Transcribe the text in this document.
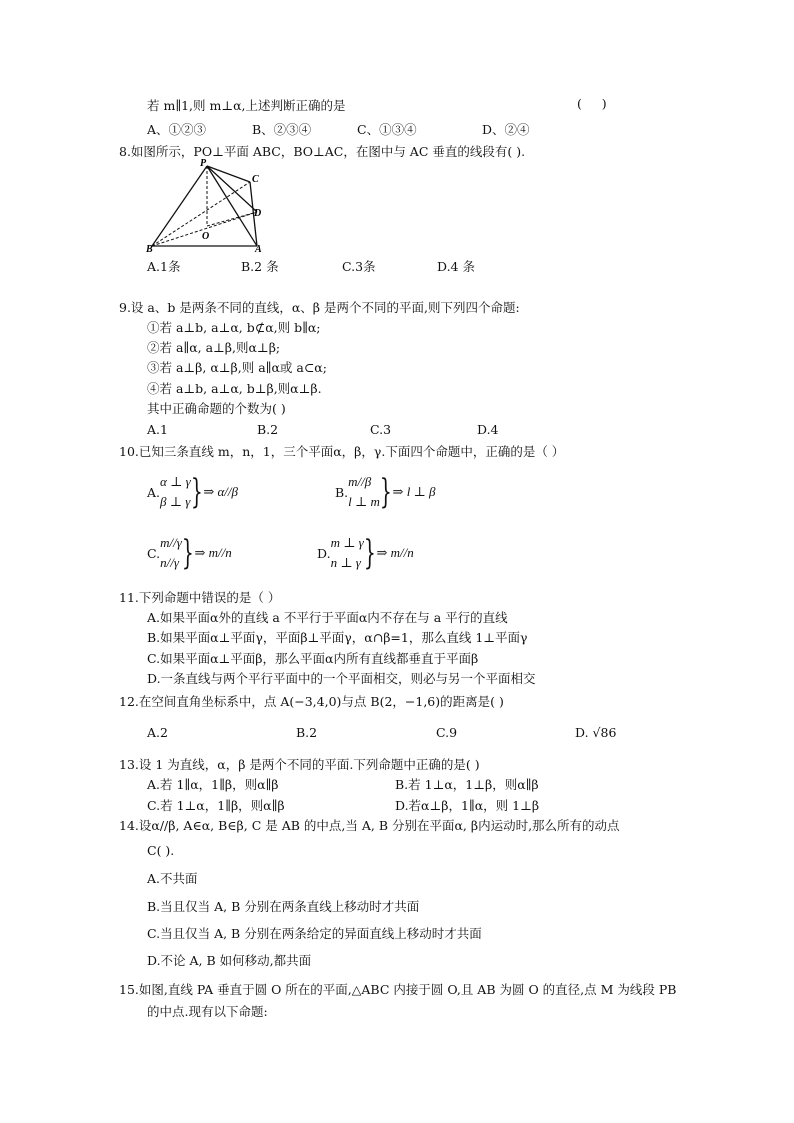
若 m∥1,则 m⊥α,上述判断正确的是	(     )
A、①②③	B、②③④	C、①③④	D、②④
8.如图所示，PO⊥平面 ABC，BO⊥AC，在图中与 AC 垂直的线段有( ).
P
C
D
O
B	A
A.1条	B.2 条	C.3条	D.4 条
9.设 a、b 是两条不同的直线，α、β 是两个不同的平面,则下列四个命题:
①若 a⊥b, a⊥α, b⊄α,则 b∥α;
②若 a∥α, a⊥β,则α⊥β;
③若 a⊥β, α⊥β,则 a∥α或 a⊂α;
④若 a⊥b, a⊥α, b⊥β,则α⊥β.
其中正确命题的个数为( )
A.1	B.2	C.3	D.4
10.已知三条直线 m，n，1，三个平面α，β，γ.下面四个命题中，正确的是（ ）
A.
α ⊥ γ
β ⊥ γ } ⇒ α//β	B.
m//β
l ⊥ m } ⇒ l ⊥ β
C.
m//γ
n//γ } ⇒ m//n	D.
m ⊥ γ
n ⊥ γ } ⇒ m//n
11.下列命题中错误的是（ ）
A.如果平面α外的直线 a 不平行于平面α内不存在与 a 平行的直线
B.如果平面α⊥平面γ，平面β⊥平面γ，α∩β=1，那么直线 1⊥平面γ
C.如果平面α⊥平面β，那么平面α内所有直线都垂直于平面β
D.一条直线与两个平行平面中的一个平面相交，则必与另一个平面相交
12.在空间直角坐标系中，点 A(−3,4,0)与点 B(2，−1,6)的距离是( )
A.2	B.2	C.9	D. √86
13.设 1 为直线，α，β 是两个不同的平面.下列命题中正确的是( )
A.若 1∥α，1∥β，则α∥β	B.若 1⊥α，1⊥β，则α∥β
C.若 1⊥α，1∥β，则α∥β	D.若α⊥β，1∥α，则 1⊥β
14.设α//β, A∈α, B∈β, C 是 AB 的中点,当 A, B 分别在平面α, β内运动时,那么所有的动点
C( ).
A.不共面
B.当且仅当 A, B 分别在两条直线上移动时才共面
C.当且仅当 A, B 分别在两条给定的异面直线上移动时才共面
D.不论 A, B 如何移动,都共面
15.如图,直线 PA 垂直于圆 O 所在的平面,△ABC 内接于圆 O,且 AB 为圆 O 的直径,点 M 为线段 PB
的中点.现有以下命题:
